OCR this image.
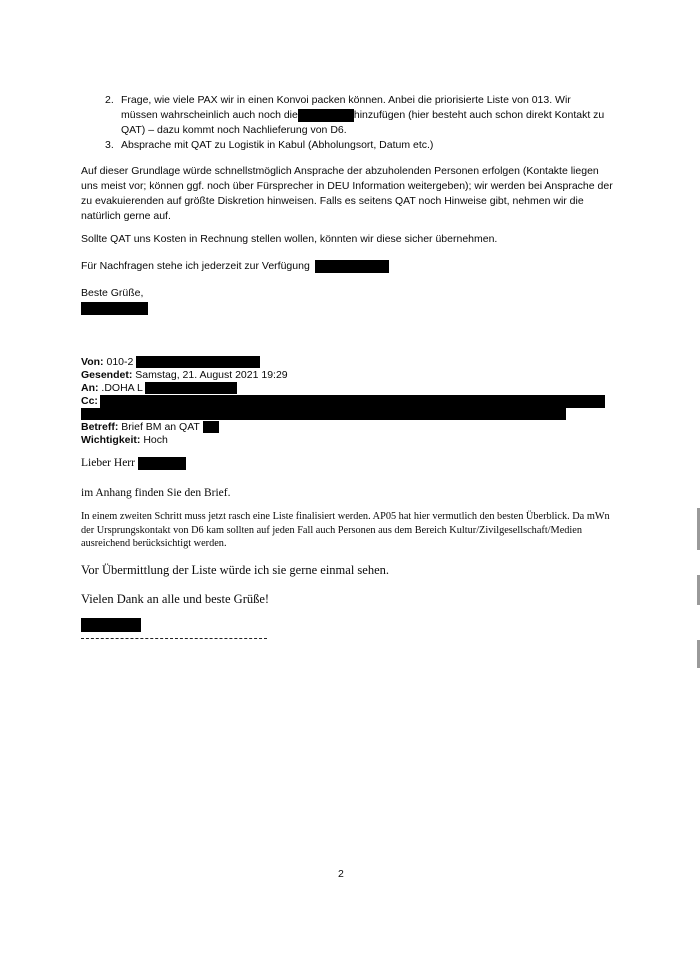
2. Frage, wie viele PAX wir in einen Konvoi packen können. Anbei die priorisierte Liste von 013. Wir müssen wahrscheinlich auch noch die	hinzufügen (hier besteht auch schon direkt Kontakt zu QAT) – dazu kommt noch Nachlieferung von D6.
3. Absprache mit QAT zu Logistik in Kabul (Abholungsort, Datum etc.)
Auf dieser Grundlage würde schnellstmöglich Ansprache der abzuholenden Personen erfolgen (Kontakte liegen uns meist vor; können ggf. noch über Fürsprecher in DEU Information weitergeben); wir werden bei Ansprache der zu evakuierenden auf größte Diskretion hinweisen. Falls es seitens QAT noch Hinweise gibt, nehmen wir die natürlich gerne auf.
Sollte QAT uns Kosten in Rechnung stellen wollen, könnten wir diese sicher übernehmen.
Für Nachfragen stehe ich jederzeit zur Verfügung
Beste Grüße,
Von: 010-2
Gesendet: Samstag, 21. August 2021 19:29
An: .DOHA L
Cc:
Betreff: Brief BM an QAT
Wichtigkeit: Hoch
Lieber Herr
im Anhang finden Sie den Brief.
In einem zweiten Schritt muss jetzt rasch eine Liste finalisiert werden. AP05 hat hier vermutlich den besten Überblick. Da mWn der Ursprungskontakt von D6 kam sollten auf jeden Fall auch Personen aus dem Bereich Kultur/Zivilgesellschaft/Medien ausreichend berücksichtigt werden.
Vor Übermittlung der Liste würde ich sie gerne einmal sehen.
Vielen Dank an alle und beste Grüße!
2
